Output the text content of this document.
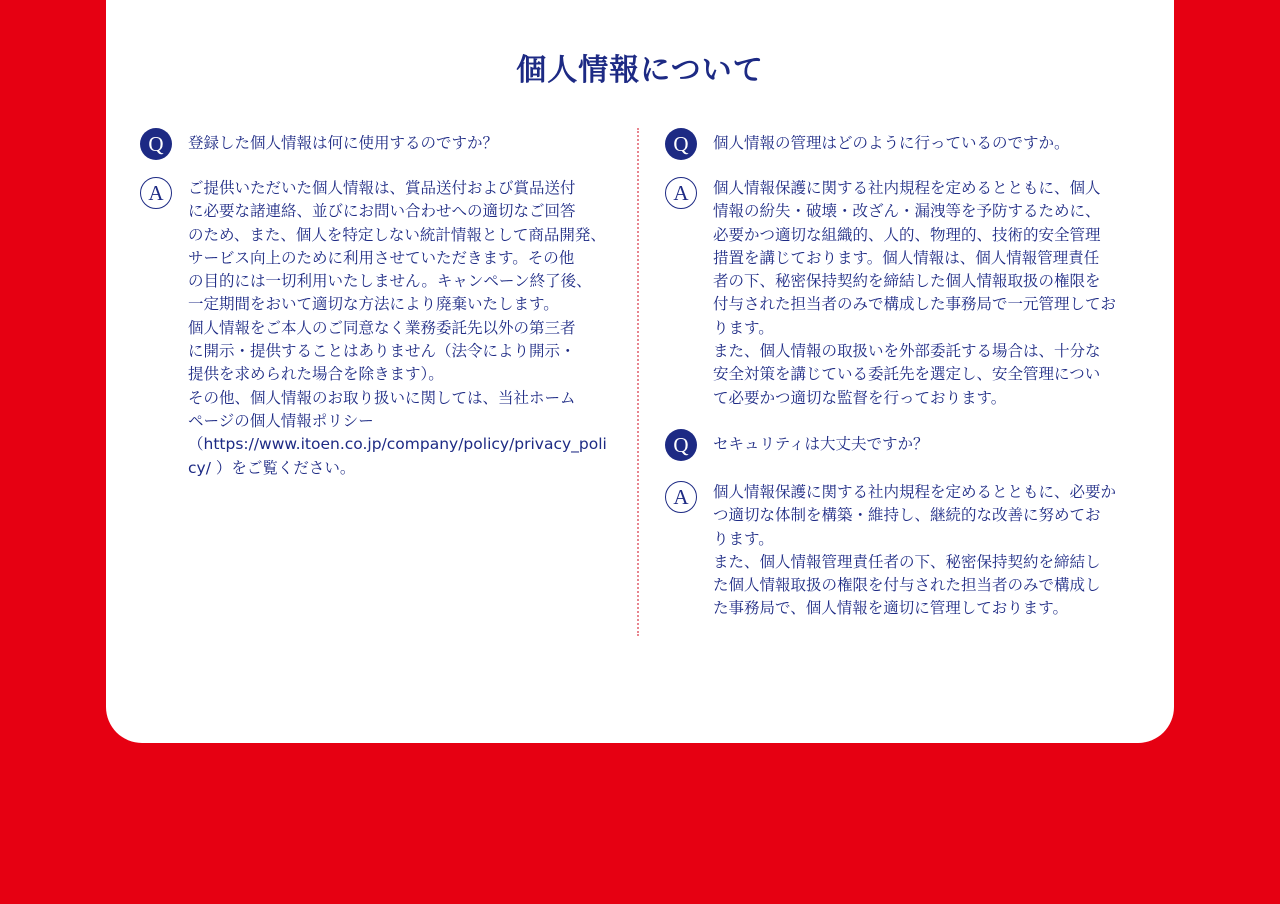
個人情報について
Q	登録した個人情報は何に使用するのですか？
A	ご提供いただいた個人情報は、賞品送付および賞品送付
に必要な諸連絡、並びにお問い合わせへの適切なご回答
のため、また、個人を特定しない統計情報として商品開発、
サービス向上のために利用させていただきます。その他
の目的には一切利用いたしません。キャンペーン終了後、
一定期間をおいて適切な方法により廃棄いたします。
個人情報をご本人のご同意なく業務委託先以外の第三者
に開示・提供することはありません（法令により開示・
提供を求められた場合を除きます）。
その他、個人情報のお取り扱いに関しては、当社ホーム
ページの個人情報ポリシー
（https://www.itoen.co.jp/company/policy/privacy_poli
cy/ ）をご覧ください。
Q	個人情報の管理はどのように行っているのですか。
A	個人情報保護に関する社内規程を定めるとともに、個人
情報の紛失・破壊・改ざん・漏洩等を予防するために、
必要かつ適切な組織的、人的、物理的、技術的安全管理
措置を講じております。個人情報は、個人情報管理責任
者の下、秘密保持契約を締結した個人情報取扱の権限を
付与された担当者のみで構成した事務局で一元管理してお
ります。
また、個人情報の取扱いを外部委託する場合は、十分な
安全対策を講じている委託先を選定し、安全管理につい
て必要かつ適切な監督を行っております。
Q	セキュリティは大丈夫ですか？
A	個人情報保護に関する社内規程を定めるとともに、必要か
つ適切な体制を構築・維持し、継続的な改善に努めてお
ります。
また、個人情報管理責任者の下、秘密保持契約を締結し
た個人情報取扱の権限を付与された担当者のみで構成し
た事務局で、個人情報を適切に管理しております。
